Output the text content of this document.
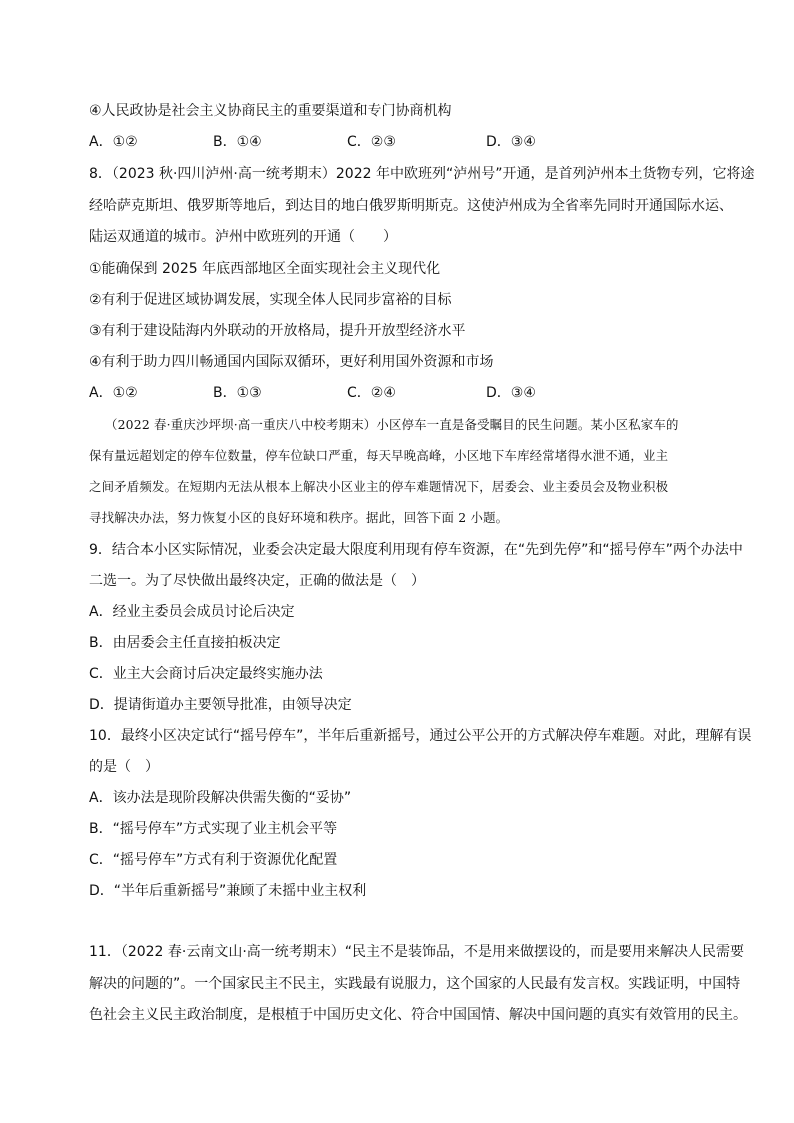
④人民政协是社会主义协商民主的重要渠道和专门协商机构
A．①②	B．①④	C．②③	D．③④
8．（2023 秋·四川泸州·高一统考期末）2022 年中欧班列“泸州号”开通，是首列泸州本土货物专列，它将途
经哈萨克斯坦、俄罗斯等地后，到达目的地白俄罗斯明斯克。这使泸州成为全省率先同时开通国际水运、
陆运双通道的城市。泸州中欧班列的开通（　　）
①能确保到 2025 年底西部地区全面实现社会主义现代化
②有利于促进区域协调发展，实现全体人民同步富裕的目标
③有利于建设陆海内外联动的开放格局，提升开放型经济水平
④有利于助力四川畅通国内国际双循环，更好利用国外资源和市场
A．①②	B．①③	C．②④	D．③④
（2022 春·重庆沙坪坝·高一重庆八中校考期末）小区停车一直是备受瞩目的民生问题。某小区私家车的
保有量远超划定的停车位数量，停车位缺口严重，每天早晚高峰，小区地下车库经常堵得水泄不通，业主
之间矛盾频发。在短期内无法从根本上解决小区业主的停车难题情况下，居委会、业主委员会及物业积极
寻找解决办法，努力恢复小区的良好环境和秩序。据此，回答下面 2 小题。
9．结合本小区实际情况，业委会决定最大限度利用现有停车资源，在“先到先停”和“摇号停车”两个办法中
二选一。为了尽快做出最终决定，正确的做法是（　）
A．经业主委员会成员讨论后决定
B．由居委会主任直接拍板决定
C．业主大会商讨后决定最终实施办法
D．提请街道办主要领导批准，由领导决定
10．最终小区决定试行“摇号停车”，半年后重新摇号，通过公平公开的方式解决停车难题。对此，理解有误
的是（　）
A．该办法是现阶段解决供需失衡的“妥协”
B．“摇号停车”方式实现了业主机会平等
C．“摇号停车”方式有利于资源优化配置
D．“半年后重新摇号”兼顾了未摇中业主权利
11．（2022 春·云南文山·高一统考期末）“民主不是装饰品，不是用来做摆设的，而是要用来解决人民需要
解决的问题的”。一个国家民主不民主，实践最有说服力，这个国家的人民最有发言权。实践证明，中国特
色社会主义民主政治制度，是根植于中国历史文化、符合中国国情、解决中国问题的真实有效管用的民主。
